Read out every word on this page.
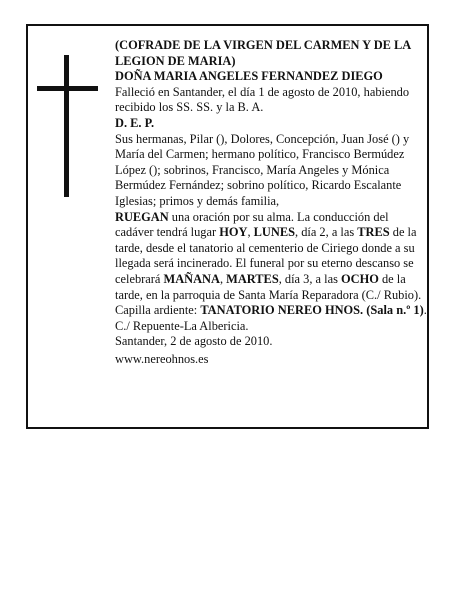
(COFRADE DE LA VIRGEN DEL CARMEN Y DE LA LEGION DE MARIA)

DOÑA MARIA ANGELES FERNANDEZ DIEGO

Falleció en Santander, el día 1 de agosto de 2010, habiendo recibido los SS. SS. y la B. A.

D. E. P.

Sus hermanas, Pilar (), Dolores, Concepción, Juan José () y María del Carmen; hermano político, Francisco Bermúdez López (); sobrinos, Francisco, María Angeles y Mónica Bermúdez Fernández; sobrino político, Ricardo Escalante Iglesias; primos y demás familia,
RUEGAN una oración por su alma. La conducción del cadáver tendrá lugar HOY, LUNES, día 2, a las TRES de la tarde, desde el tanatorio al cementerio de Ciriego donde a su llegada será incinerado. El funeral por su eterno descanso se celebrará MAÑANA, MARTES, día 3, a las OCHO de la tarde, en la parroquia de Santa María Reparadora (C./ Rubio).

Capilla ardiente: TANATORIO NEREO HNOS. (Sala n.º 1). C./ Repuente-La Albericia.

Santander, 2 de agosto de 2010.

www.nereohnos.es
